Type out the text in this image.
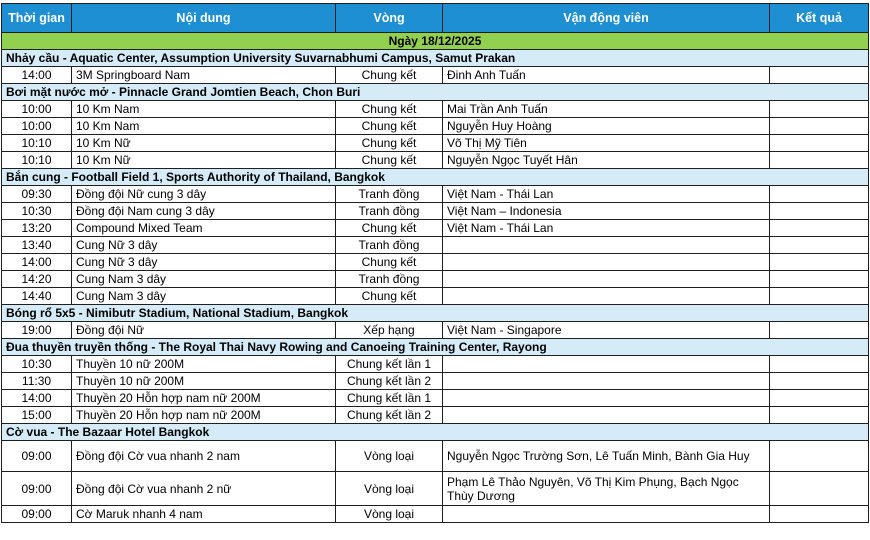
Thời gian	Nội dung	Vòng	Vận động viên	Kết quả
Ngày 18/12/2025				
Nhảy cầu - Aquatic Center, Assumption University Suvarnabhumi Campus, Samut Prakan				
14:00	3M Springboard Nam	Chung kết	Đinh Anh Tuấn	
Bơi mặt nước mở - Pinnacle Grand Jomtien Beach, Chon Buri				
10:00	10 Km Nam	Chung kết	Mai Trần Anh Tuấn	
10:00	10 Km Nam	Chung kết	Nguyễn Huy Hoàng	
10:10	10 Km Nữ	Chung kết	Võ Thị Mỹ Tiên	
10:10	10 Km Nữ	Chung kết	Nguyễn Ngọc Tuyết Hân	
Bắn cung - Football Field 1, Sports Authority of Thailand, Bangkok				
09:30	Đồng đội Nữ cung 3 dây	Tranh đồng	Việt Nam - Thái Lan	
10:30	Đồng đội Nam cung 3 dây	Tranh đồng	Việt Nam – Indonesia	
13:20	Compound Mixed Team	Chung kết	Việt Nam - Thái Lan	
13:40	Cung Nữ 3 dây	Tranh đồng		
14:00	Cung Nữ 3 dây	Chung kết		
14:20	Cung Nam 3 dây	Tranh đồng		
14:40	Cung Nam 3 dây	Chung kết		
Bóng rổ 5x5 - Nimibutr Stadium, National Stadium, Bangkok				
19:00	Đồng đội Nữ	Xếp hạng	Việt Nam - Singapore	
Đua thuyền truyền thống - The Royal Thai Navy Rowing and Canoeing Training Center, Rayong				
10:30	Thuyền 10 nữ 200M	Chung kết lần 1		
11:30	Thuyền 10 nữ 200M	Chung kết lần 2		
14:00	Thuyền 20 Hỗn hợp nam nữ 200M	Chung kết lần 1		
15:00	Thuyền 20 Hỗn hợp nam nữ 200M	Chung kết lần 2		
Cờ vua - The Bazaar Hotel Bangkok				
09:00	Đồng đội Cờ vua nhanh 2 nam	Vòng loại	Nguyễn Ngọc Trường Sơn, Lê Tuấn Minh, Bành Gia Huy	
09:00	Đồng đội Cờ vua nhanh 2 nữ	Vòng loại	Phạm Lê Thảo Nguyên, Võ Thị Kim Phụng, Bạch Ngọc Thùy Dương	
09:00	Cờ Maruk nhanh 4 nam	Vòng loại		
